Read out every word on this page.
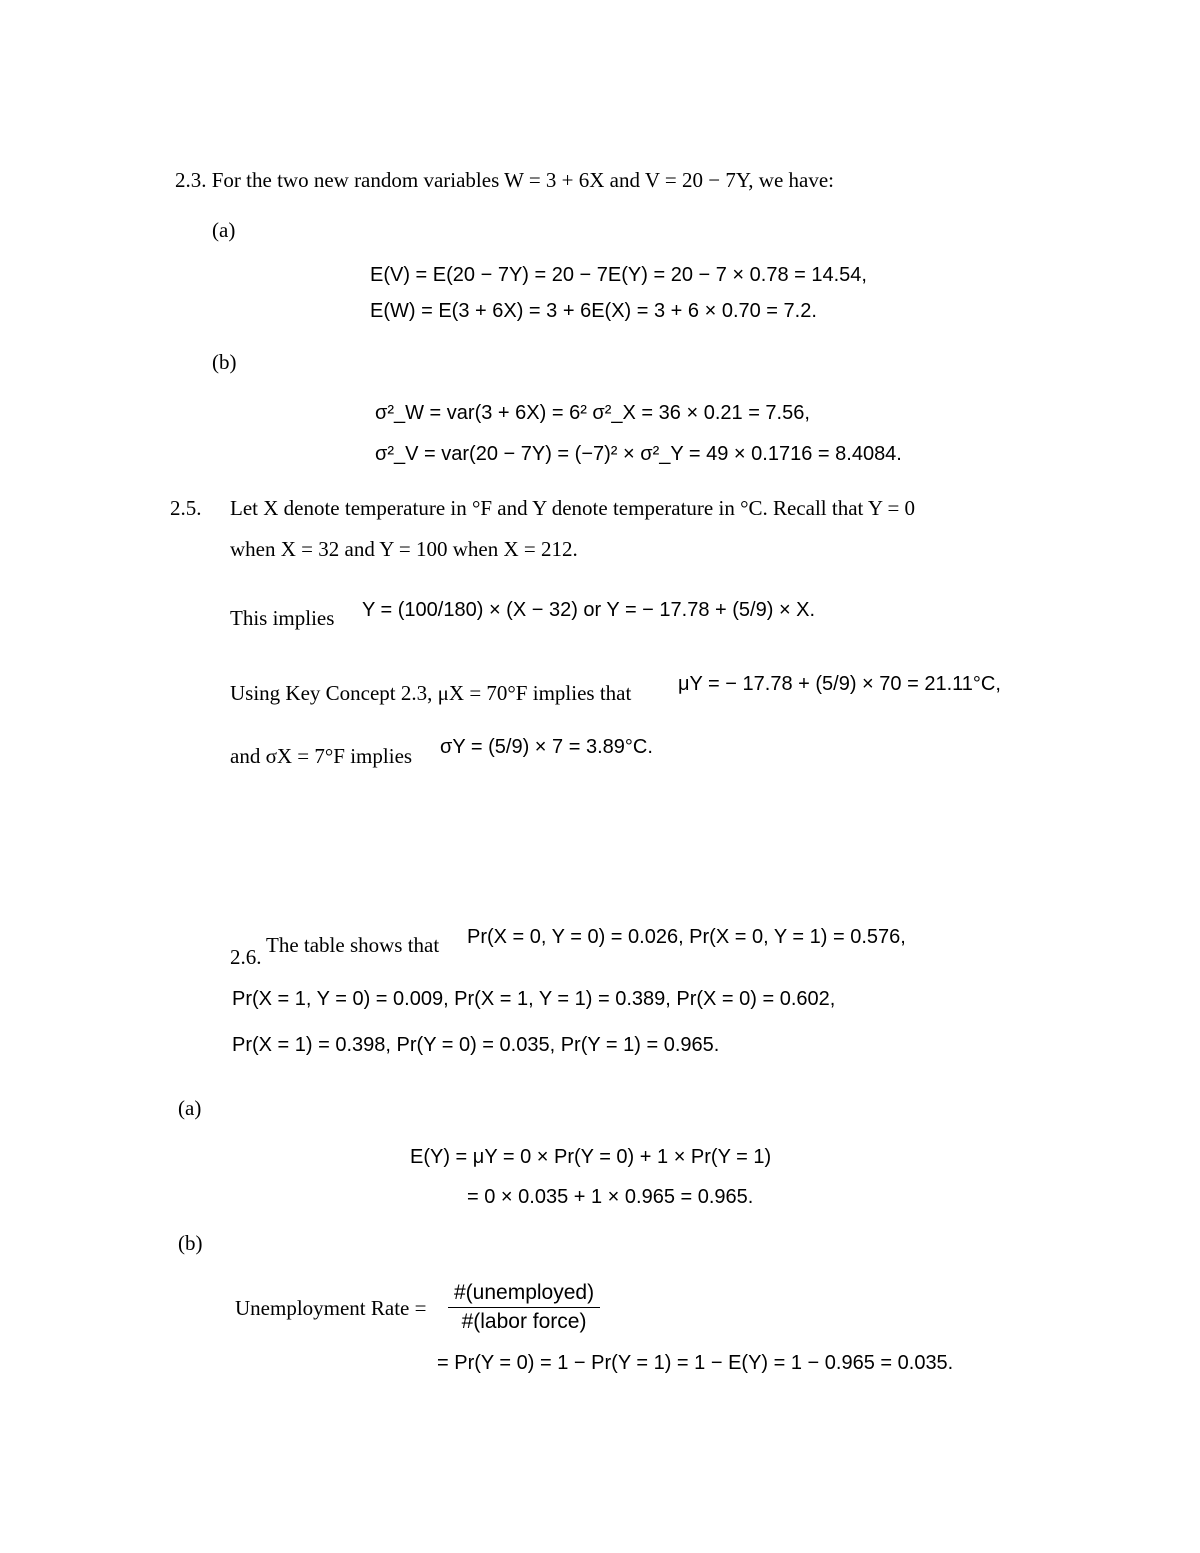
2.3. For the two new random variables W = 3 + 6X and V = 20 − 7Y, we have:
(a)
E(V) = E(20 − 7Y) = 20 − 7E(Y) = 20 − 7 × 0.78 = 14.54,
E(W) = E(3 + 6X) = 3 + 6E(X) = 3 + 6 × 0.70 = 7.2.
(b)
σ²_W = var(3 + 6X) = 6² σ²_X = 36 × 0.21 = 7.56,
σ²_V = var(20 − 7Y) = (−7)² × σ²_Y = 49 × 0.1716 = 8.4084.
2.5. Let X denote temperature in °F and Y denote temperature in °C. Recall that Y = 0
when X = 32 and Y = 100 when X = 212.
This implies Y = (100/180) × (X − 32) or Y = − 17.78 + (5/9) × X.
Using Key Concept 2.3, μX = 70°F implies that μY = − 17.78 + (5/9) × 70 = 21.11°C,
and σX = 7°F implies σY = (5/9) × 7 = 3.89°C.
2.6. The table shows that Pr(X = 0, Y = 0) = 0.026, Pr(X = 0, Y = 1) = 0.576,
Pr(X = 1, Y = 0) = 0.009, Pr(X = 1, Y = 1) = 0.389, Pr(X = 0) = 0.602,
Pr(X = 1) = 0.398, Pr(Y = 0) = 0.035, Pr(Y = 1) = 0.965.
(a)
E(Y) = μY = 0 × Pr(Y = 0) + 1 × Pr(Y = 1)
= 0 × 0.035 + 1 × 0.965 = 0.965.
(b)
Unemployment Rate =
#(unemployed)
#(labor force)
= Pr(Y = 0) = 1 − Pr(Y = 1) = 1 − E(Y) = 1 − 0.965 = 0.035.
